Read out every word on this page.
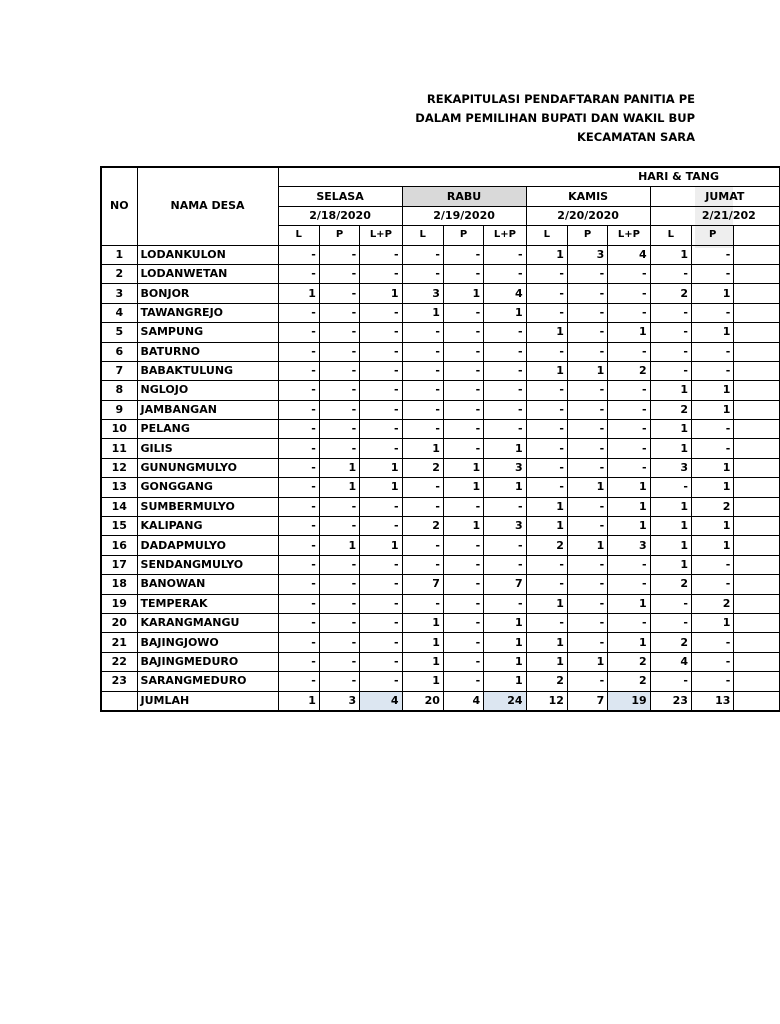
REKAPITULASI PENDAFTARAN PANITIA PE
DALAM PEMILIHAN BUPATI DAN WAKIL BUP
KECAMATAN SARA
NO	NAMA DESA	HARI & TANG											
		SELASA			RABU			KAMIS			JUMAT		
		2/18/2020			2/19/2020			2/20/2020			2/21/202		
		L	P	L+P	L	P	L+P	L	P	L+P	L	P	
1	LODANKULON	-	-	-	-	-	-	1	3	4	1	-	
2	LODANWETAN	-	-	-	-	-	-	-	-	-	-	-	
3	BONJOR	1	-	1	3	1	4	-	-	-	2	1	
4	TAWANGREJO	-	-	-	1	-	1	-	-	-	-	-	
5	SAMPUNG	-	-	-	-	-	-	1	-	1	-	1	
6	BATURNO	-	-	-	-	-	-	-	-	-	-	-	
7	BABAKTULUNG	-	-	-	-	-	-	1	1	2	-	-	
8	NGLOJO	-	-	-	-	-	-	-	-	-	1	1	
9	JAMBANGAN	-	-	-	-	-	-	-	-	-	2	1	
10	PELANG	-	-	-	-	-	-	-	-	-	1	-	
11	GILIS	-	-	-	1	-	1	-	-	-	1	-	
12	GUNUNGMULYO	-	1	1	2	1	3	-	-	-	3	1	
13	GONGGANG	-	1	1	-	1	1	-	1	1	-	1	
14	SUMBERMULYO	-	-	-	-	-	-	1	-	1	1	2	
15	KALIPANG	-	-	-	2	1	3	1	-	1	1	1	
16	DADAPMULYO	-	1	1	-	-	-	2	1	3	1	1	
17	SENDANGMULYO	-	-	-	-	-	-	-	-	-	1	-	
18	BANOWAN	-	-	-	7	-	7	-	-	-	2	-	
19	TEMPERAK	-	-	-	-	-	-	1	-	1	-	2	
20	KARANGMANGU	-	-	-	1	-	1	-	-	-	-	1	
21	BAJINGJOWO	-	-	-	1	-	1	1	-	1	2	-	
22	BAJINGMEDURO	-	-	-	1	-	1	1	1	2	4	-	
23	SARANGMEDURO	-	-	-	1	-	1	2	-	2	-	-	
	JUMLAH	1	3	4	20	4	24	12	7	19	23	13	
